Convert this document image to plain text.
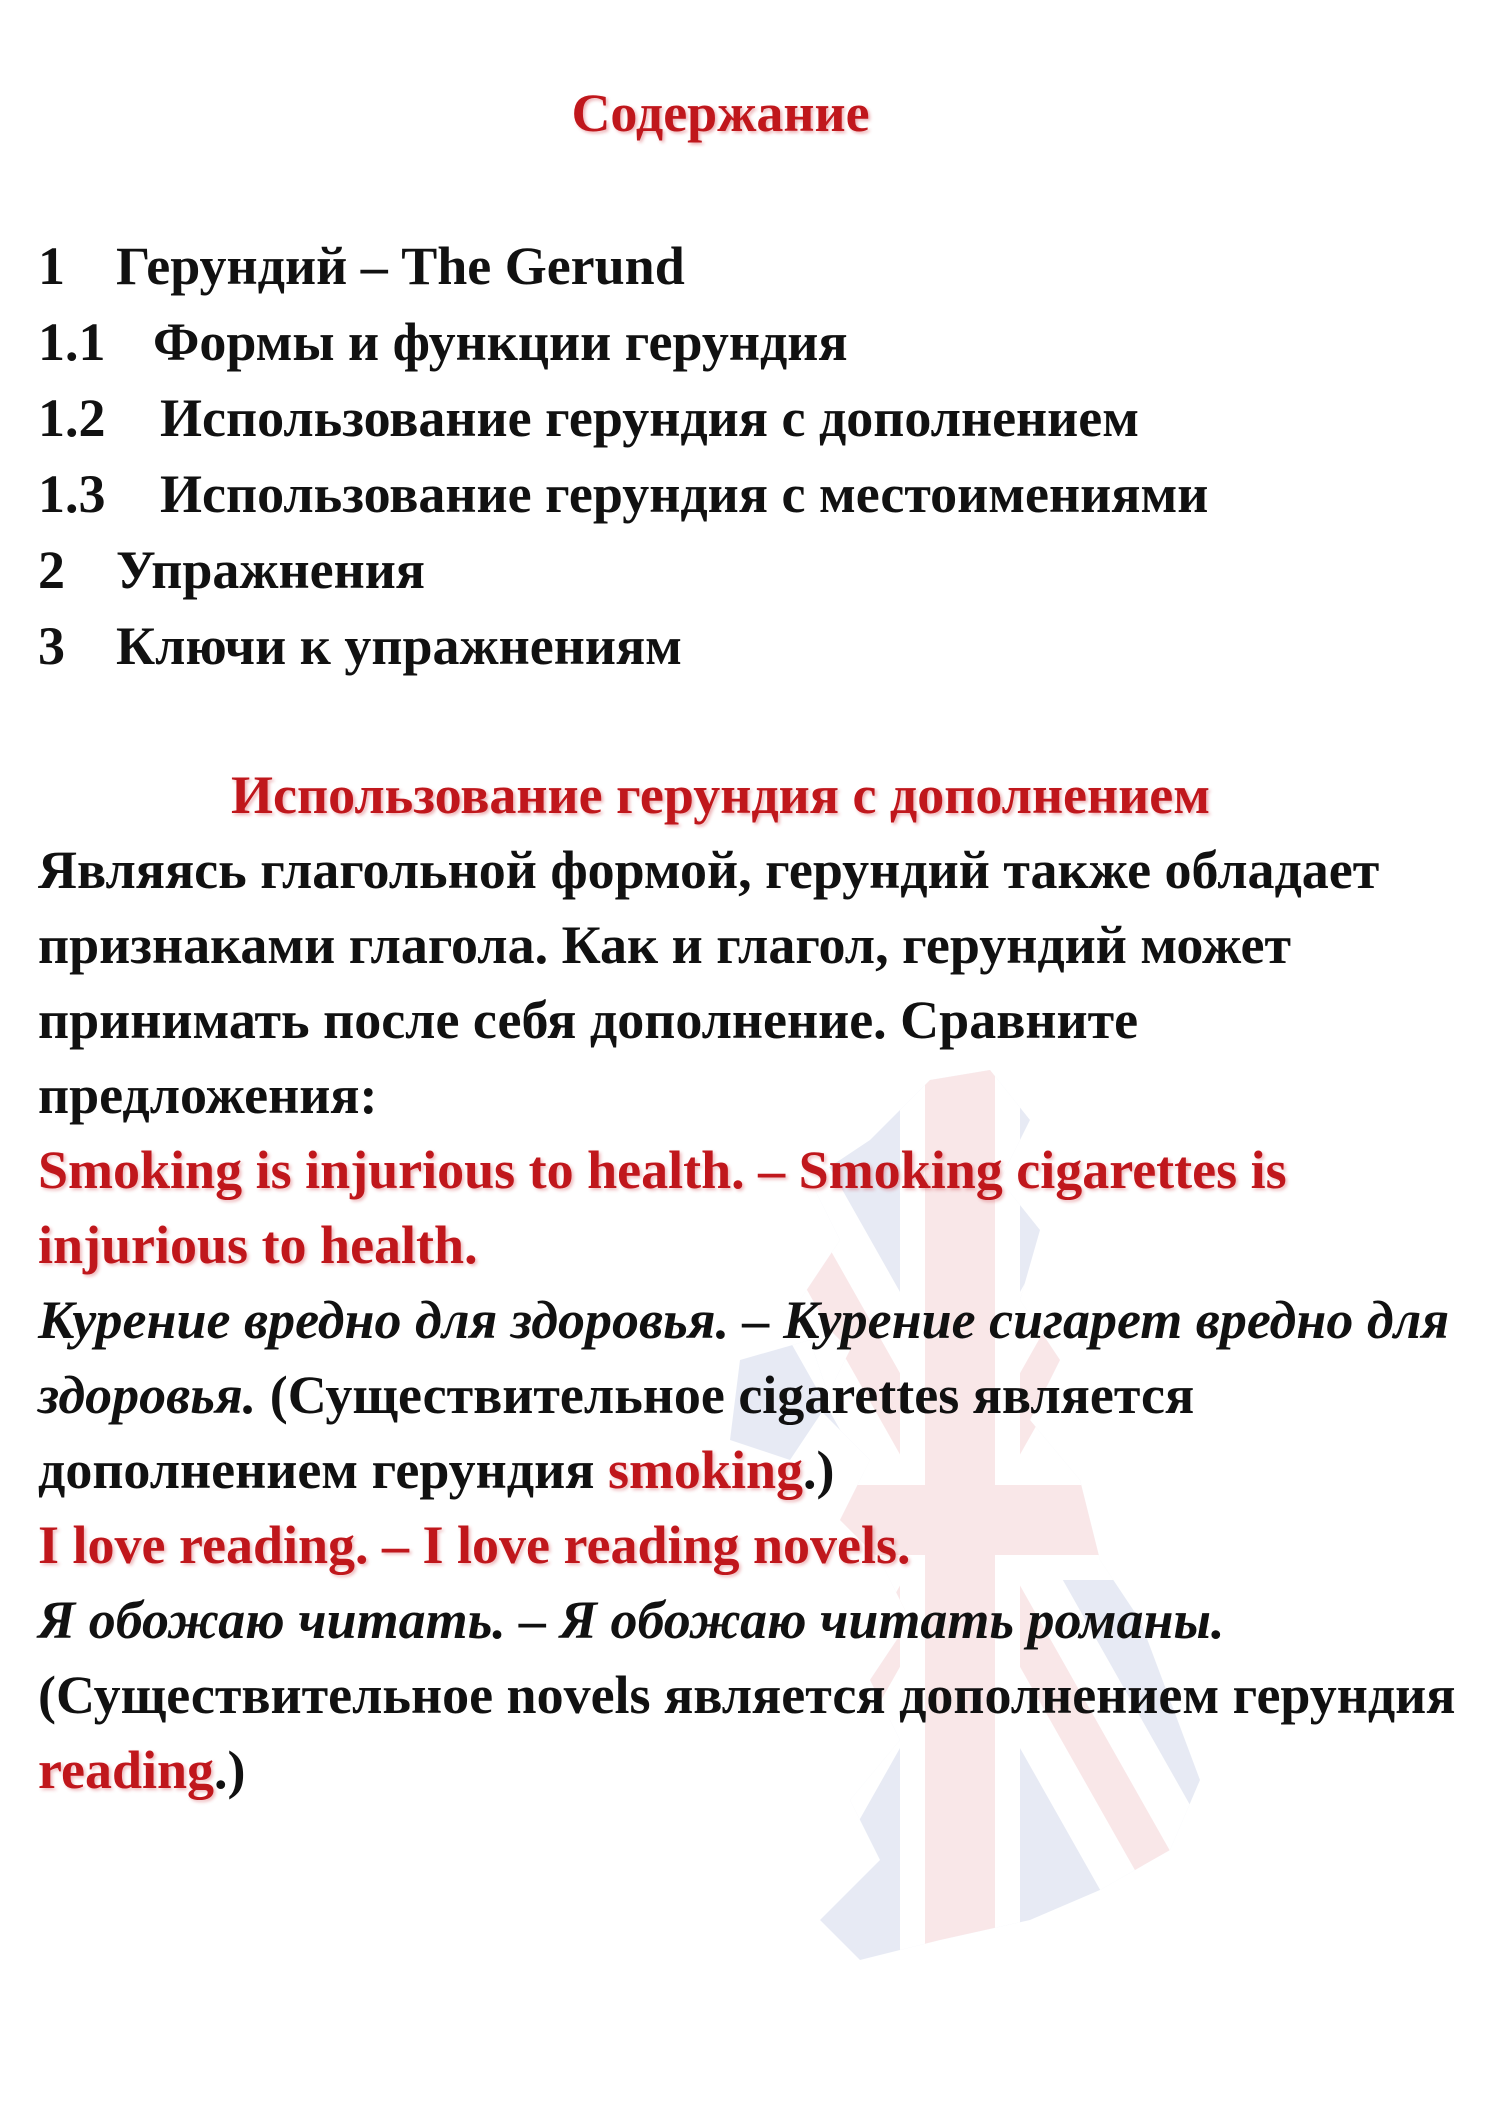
Содержание
1 Герундий – The Gerund
1.1 Формы и функции герундия
1.2 Использование герундия с дополнением
1.3 Использование герундия с местоимениями
2 Упражнения
3 Ключи к упражнениям
Использование герундия с дополнением

Являясь глагольной формой, герундий также обладает признаками глагола. Как и глагол, герундий может принимать после себя дополнение. Сравните предложения:

Smoking is injurious to health. – Smoking cigarettes is injurious to health.

Курение вредно для здоровья. – Курение сигарет вредно для здоровья. (Существительное cigarettes является дополнением герундия smoking.)

I love reading. – I love reading novels.

Я обожаю читать. – Я обожаю читать романы.

(Существительное novels является дополнением герундия reading.)
